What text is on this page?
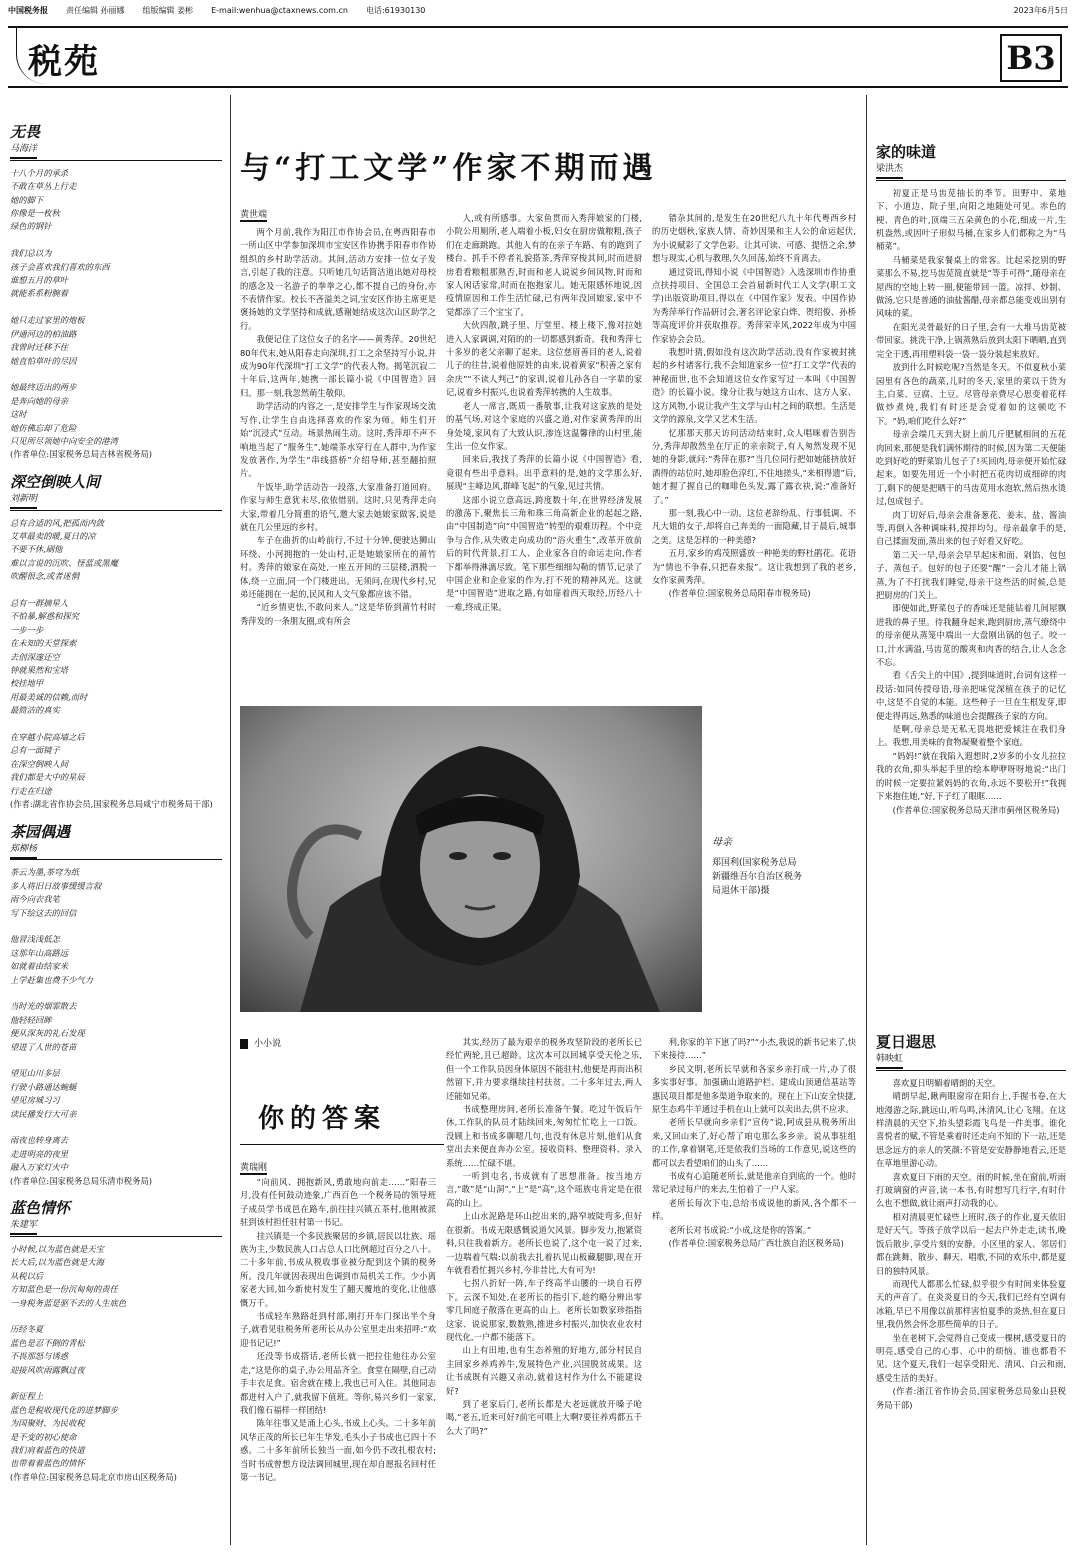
中国税务报 责任编辑 孙丽娜 组版编辑 姜彬 E-mail:wenhua@ctaxnews.com.cn 电话:61930130	2023年6月5日
税苑	B3
无畏
马海洋

十八个月的承杀

不敢在草丛上行走

她的脚下

你像是一枚秋

绿色的钢针

我们总以为

孩子会喜欢我们喜欢的东西

谁想五月的草叶

就能系系粉腕着

她只走过家里的炮板

伊通河边的柏油路

我曾时迁移不住

她直怕草叶的尽因

她最终迈出的两步

是奔向她的母亲

这时

她仿佛忘却了危险

只见所尽领她中向安全的港湾

(作者单位:国家税务总局吉林省税务局)

深空倒映人间
刘新明

总有合适的风,把孤而内敛

艾草最卖的暖,夏日的凉

不要不休,刷他

难以言说的沉吹、怪蓝或黑魔

吹醒很念,或者迷惘

总有一群摘星人

不怕暴,解惑和探究

一步一步

在未知的天堂探索

去创深邃还空

钟就果然和宝塔

校挂地甲

用最美诚的信赖,而时

最简洁的真实

在穿越小院高墙之后

总有一面镜子

在深空倒映人间

我们都是大中的星辰

行走在归途

(作者:湖北省作协会员,国家税务总局咸宁市税务局干部)

茶园偶遇
郑柳杨

茶云为墨,茶穹为纸

多人将旧日故事缓缓言叙

雨今向衣我笔

写下绘这去的回信

他冒浅浅低怎

这那年山高路远

如就着由结家米

上学赶集也费不少气力

当时光的烟霏散去

他轻轻回眸

便从深灰的礼石发现

望进了人世的苍苗

望见山川多层

行驶小路通达蜿蜒

望见房城习习

读民播发行大可亲

雨夜也转身离去

走进明亮的夜里

融入万家灯火中

(作者单位:国家税务总局乐清市税务局)

蓝色情怀
朱建军

小时候,以为蓝色就是天宝

长大后,以为蓝色就是大海

从税以后

方知蓝色是一份沉甸甸的责任

一身税务蓝是驱不去的人生底色

历经冬夏

蓝色是忍不倒的青松

不畏那怒与诱惑

迎接风吹雨露飘过夜

新征程上

蓝色是税收现代化的进梦脚步

为国聚财、为民收税

是不变的初心使命

我们肩着蓝色的快道

也带着着蓝色的情怀

(作者单位:国家税务总局北京市房山区税务局)

与“打工文学”作家不期而遇
黄世端

两个月前,我作为阳江市作协会员,在粤西阳春市一所山区中学参加深圳市宝安区作协携手阳春市作协组织的乡村助学活动。其间,活动方安排一位女子发言,引起了我的注意。只听她几句话简洁道出她对母校的感念及一名游子的拳拳之心,都不提自己的身份,亦不表情作家。校长不吝溢美之词,宝安区作协主席更是褒扬她的文学坚持和成就,感谢她结成这次山区助学之行。

我便记住了这位女子的名字——黄秀萍。20世纪80年代末,她从阳春走向深圳,打工之余坚持写小说,并成为90年代深圳“打工文学”的代表人物。揭笔沉寂二十年后,这两年,她携一部长篇小说《中国智造》回归。那一刻,我忽然萌生敬仰。

助学活动的内容之一,是安排学生与作家现场交流写作,让学生自由选择喜欢的作家为师。师生们开始“沉浸式”互动。场景热闹生动。这时,秀萍却不声不响地当起了“服务生”,她端茶水穿行在人群中,为作家发放著作,为学生“串线搭桥”介绍导师,甚至翻拍照片。

午饭毕,助学活动告一段落,大家准备打道回府。作家与师生意犹未尽,依依惜别。这时,只见秀萍走向大家,带着几分简重的语气,邀大家去她娘家做客,说是就在几公里远的乡村。

车子在曲折的山岭前行,不过十分钟,便驶达狮山环绕、小河拥抱的一处山村,正是她娘家所在的莆竹村。秀萍的娘家在高处,一座五开间的三层楼,洒脱一体,绕一立面,同一个门楼进出。无须问,在现代乡村,兄弟还能拥在一起的,民风和人文气象都应该不错。

“近乡情更怯,不敢问来人。”这是华侨到莆竹村时秀萍发的一条朋友圈,或有所会

人,或有所感事。大家鱼贯而入秀萍娘家的门楼,小院公用厕所,老人端着小板,妇女在厨房做粮粗,孩子们在走廊跳跑。其他人有的在亲子车路、有的跑到了楼台、抓手不停者礼貌搭茶,秀萍穿梭其间,时而进厨房看看粮粗那熟否,时而和老人说说乡间风物,时而和家人闲话家常,时而在抱抱家儿。她无限感怀地说,因疫情原因和工作生活忙碌,已有两年没回娘家,家中不觉都添了三个宝宝了。

大伙四散,跳子里、厅堂里、楼上楼下,像对拉她进入人家调调,对陌的的一切都感到新奇。我和秀萍七十多岁的老父亲聊了起来。这位慈眉善目的老人,说着儿子的往昔,说着他原姓的由来,说着黄家“积善之家有余庆”“不读人判己”的家训,说着儿孙各自一字辈的家记,说着乡村振兴,也说着秀萍转携的人生故事。

老人一席言,既质一番敬事,让我对这家族的是处的基气场,对这个家庭的兴盛之道,对作家黄秀萍的出身处境,家风有了大致认识,渗连这温馨律的山村里,能生出一位女作家。

回来后,我找了秀萍的长篇小说《中国智造》看,竟很有些出乎意料。出乎意料的是,她的文学那么好,展现“主峰边风,群峰飞起”的气象,见过共情。

这部小说立意高远,跨度数十年,在世界经济发展的激荡下,聚焦长三角和珠三角高新企业的起起之路,由“中国制造”向“中国智造”转型的艰难历程。个中竞争与合作,从失败走向成功的“浴火重生”,改革开放前后的时代背景,打工人、企业家各自的命运走向,作者下都举得淋漓尽致。笔下那些细细勾勒的情节,记录了中国企业和企业家的作为,打不死的精神风光。这就是“中国智造”进取之路,有如扉着西天取经,历经八十一难,终成正果。

错杂其间的,是发生在20世纪八九十年代粤西乡村的历史烟秋,家族人情、奇妙因果和主人公的命运起伏,为小说赋彩了文学色彩。让其可读、可感、提悟之余,梦想与现实,心机与教理,久久回荡,始终不肯离去。

通过资讯,得知小说《中国智造》入选深圳市作协重点扶持项目、全国总工会首届新时代工人文学(职工文学)出版资助项目,得以在《中国作家》发表。中国作协为秀萍举行作品研讨会,著名评论家白烨、贺绍俊、孙桥等高度评价并获取推荐。秀萍荣幸风,2022年成为中国作家协会会员。

我想叶猜,假如没有这次助学活动,没有作家被封挑起的乡村诸客行,我不会知道家乡一位“打工文学”代表的神秘面世,也不会知道这位女作家写过一本叫《中国智造》的长篇小说。缘分让我与她这方山水、这方人家、这方风物,小说让我产生文学与山村之间的联想。生活是文学的源泉,文学又艺术生活。

忆那那天那天访问活动结束时,众人唱咪着告别告分,秀萍却散然坐在厅正的亲亲院子,有人匆然发现不见她的身影,就问:“秀萍在那?”当几位同行把如她能挤放好酒得的站位时,她却脸色淳红,不住地搓头,“来相得遗”后,她才握了握自己的咖啡色头发,露了露衣袂,说:“准备好了。”

那一刻,我心中一动。这位老辞纷乱、行事低调、不凡大姐的女子,却将自己奔美的一面隐藏,甘于晨后,城事之美。这是怎样的一种美德?

五月,家乡的鸡茂照盛放一种艳美的野杜鹃花。花语为“情也不争春,只把春来报”。这让我想到了我的老乡,女作家黄秀萍。

(作者单位:国家税务总局阳春市税务局)

母亲
郑国利(国家税务总局新疆维吾尔自治区税务局退休干部)摄
小小说
你的答案
黄瑞刚

“向前风、拥抱新风,勇敢地向前走……”阳春三月,没有任何鼓动迹象,广西百色一个税务局的领导班子成员学书成邑在路车,前往挂兴镇五茶村,他刚被派驻到该村担任驻村第一书记。

挂兴镇是一个多民族聚居的乡镇,居民以壮族、瑶族为主,少数民族人口占总人口比例超过百分之八十。二十多年前,书成从税收事业被分配到这个镇的税务所。没几年就因表现出色调到市局机关工作。少小离家老大回,如今新使村发生了翻天覆地的变化,让他感慨万千。

书成轻车熟路赶到村部,刚打开车门探出半个身子,就看见驻税务所老所长从办公室里走出来招呼:“欢迎书记记!”

还没等书成搭话,老所长就一把拉住他往办公室走,“这是你的桌子,办公用品齐全。食堂在隔壁,自己动手丰衣足食。宿舍就在楼上,我也已可入住。其他同志都进村入户了,就我留下值班。等你,易兴乡们一家家,我们像石福样一样团结!

陈年往事又是涌上心头,书成上心头。二十多年前风华正茂的所长已年生华发,毛头小子书成也已四十不惑。二十多年前所长独当一面,如今仍不改扎根农村;当时书成曾想方设法调回城里,现在却自愿报名回村任第一书记。

其实,经历了最为艰辛的税务攻坚阶段的老所长已经忙两轮,且已超龄。这次本可以回城享受天伦之乐,但一个工作队员因身体原因不能驻村,他便是再而出积然留下,并力要求继续挂村扶贫。二十多年过去,两人还能如兄弟。

书成整理房间,老所长准备午餐。吃过午饭后午休,工作队的队员才陆续回来,匆匆忙忙吃上一口饭。没顾上和书成多聊嗯几句,也没有休息片刻,他们从食堂出去来便直奔办公室。接收资料、整理资料、录入系统……忙碌不堪。

一听到屯名,书成就有了思想准备。按当地方言,“敢”是“山洞”,“上”是“高”,这个瑶族屯肯定是在很高的山上。

上山水泥路是环山挖出来的,路窄坡陡弯多,但好在很新。书成无限感慨说道欠风景。脚步发力,抱紧资料,只往我着新方。老所长也说了,这个屯一说了过来,一边喘着气喘:以前我去扎着扒见山板藏腿脚,现在开车就看看忙拥兴乡村,今非昔比,大有可为!

七拐八折好一阵,车子终高半山腰的一块自石停下。云深不知处,在老所长的指引下,趁约略分辨出零零几间庭子散落在更高的山上。老所长如数家珍指指这家、说说那家,数数熟,推进乡村振兴,加快农业农村现代化,一户都不能落下。

山上有田地,也有生态养殖的好地方,部分村民自主回家乡养鸡养牛,发展特色产业,兴国脱贫成果。这让书成既有兴趣又亲动,就着这村作为什么不能建设好?

到了老家后门,老所长都是大老远就放开嗓子呛喝,“老五,近来可好?前宅可喂上大啊?要往养鸡都五千么大了吗?”

利,你家的羊下崽了吗?”“小杰,我说的新书记来了,快下来接待……”

乡民文明,老所长早就和各家乡亲打成一片,办了很多实事好事。加强确山道路护栏、建成山顶通信基站等惠民项目都是他多渠道争取来的。现在上下山安全快捷,原生态鸡牛羊通过手机在山上就可以卖出去,供不应求。

老所长早就向乡亲们“宣传”说,阿成县从税务所出来,又回山来了,好心帮了咱屯那么多乡亲。说从事驻组的工作,拿着钢笔,还是依我们当场的工作意见,说这些的都可以去看望咱们的山头了……

书成有心追随老所长,就是他亲自到底的一个。他时常记录过每户的来去,生怕着了一户人家。

老所长每次下屯,总给书成说他的新风,各个都不一样。

老所长对书成说:“小成,这是你的答案。”

(作者单位:国家税务总局广西壮族自治区税务局)

家的味道
梁洪杰

初夏正是马齿苋抽长的季节。田野中、菜地下、小道边、院子里,向阳之地随处可见。赤色的梗、青色的叶,顶端三五朵黄色的小花,细成一片,生机盎然,或因叶子形似马桶,在家乡人们都称之为“马桶菜”。

马桶菜是我家餐桌上的常客。比起采挖别的野菜那么不易,挖马齿苋简直就是“等手可得”,随母亲在屋西的空地上转一圈,便能带回一篮。凉拌、炒制、做汤,它只是普通的油盐酱醋,母亲都总能变戏出别有风味的菜。

在阳光灵骨最好的日子里,会有一大堆马齿苋被带回家。挑洗干净,上锅蒸熟后放到太阳下晒晒,直到完全干透,再用塑料袋一袋一袋分装起来放好。

放到什么时候吃呢?当然是冬天。不似夏秋小菜园里有各色的蔬菜,儿时的冬天,家里的菜以干货为主,白菜、豆腐、土豆。尽管母亲费尽心思变着花样做炒煮炖,我们有时还是会觉着如的这顿吃不下。“妈,咱们吃什么好?”

母亲会端几天到大厨上前几斤肥腻相间的五花肉回来,那便是我们满怀期待的时候,因为第二天便能吃到好吃的野菜馅儿包子了!买回肉,母亲便开始忙碌起来。如要先用近一个小时把五花肉切成细碎的肉丁,剩下的便是把晒干的马齿苋用水泡软,然后热水烫过,包成包子。

肉丁切好后,母亲会准备葱花、姜末、盐、酱油等,再倒入各种调味料,搅拌均匀。母亲最拿手的是,自己揉面发面,蒸出来的包子好看又好吃。

第二天一早,母亲会早早起床和面、剁馅、包包子、蒸包子。包好的包子还要“醒”一会儿才能上锅蒸,为了不打扰我们睡觉,母亲干这些活的时候,总是把厨房的门关上。

即便如此,野菜包子的香味还是能钻着几间屋飘进我的鼻子里。待我翻身起来,跑到厨房,蒸气缭绕中的母亲便从蒸笼中端出一大盘刚出锅的包子。咬一口,汁水满溢,马齿苋的酸爽和肉香的结合,让人念念不忘。

看《舌尖上的中国》,提到味道时,台词有这样一段话:如同传授母语,母亲把味觉深植在孩子的记忆中,这是不自觉的本能。这些种子一旦在生根发芽,即便走得再远,熟悉的味道也会提醒孩子家的方向。

是啊,母亲总是无私无畏地把爱倾注在我们身上。我想,用美味的食物凝聚着整个家庭。

“妈妈!”就在我陷入遐想时,2岁多的小女儿拉拉我的衣角,抑头举起手里的绘本咿咿呀呀地说:“出门的时候一定要拉紧妈妈的衣角,永远不要松开!”我拥下来抱住她,“好,下子红了眼眶……

(作者单位:国家税务总局天津市蓟州区税务局)

夏日遐思
韩映虹

喜欢夏日明媚着晴朗的天空。

晴朗早起,瞅两眼窗帘在阳台上,手握书卷,在大地漫游之际,跳远山,听鸟鸣,沐清风,让心飞翔。在这样清晨的天空下,抬头望彩霞飞鸟是一件美事。谁化喜悦者的赋,不管是乘着时还走向不知的下一站,还是思念远方的亲人的笑颜:不管是安安静静地看云,还是在草地里游心动。

喜欢夏日下雨的天空。雨的时候,坐在窗前,听雨打玻璃窗的声音,读一本书,有时想写几行字,有时什么也不想做,就让雨声打动我的心。

相对清晨更忙碌些上班时,孩子的作业,夏天依旧是好天气。等孩子放学以后一起去户外走走,读书,晚饭后散步,享受片刻的安静。小区里的家人、邻居们都在跳舞、散步、聊天、唱歌,不同的欢乐中,都是夏日的独特风景。

而现代人都那么忙碌,似乎很少有时间来体验夏天的声音了。在炎炎夏日的今天,我们已经有空调有冰箱,早已不用像以前那样害怕夏季的炎热,但在夏日里,我仍然会怀念那些简单的日子。

坐在老树下,会觉得自己变成一棵树,感受夏日的明亮,感受自己的心事、心中的烦恼、谁也都看不见。这个夏天,我们一起享受阳光、清风、白云和雨,感受生活的美好。

(作者:浙江省作协会员,国家税务总局象山县税务局干部)
